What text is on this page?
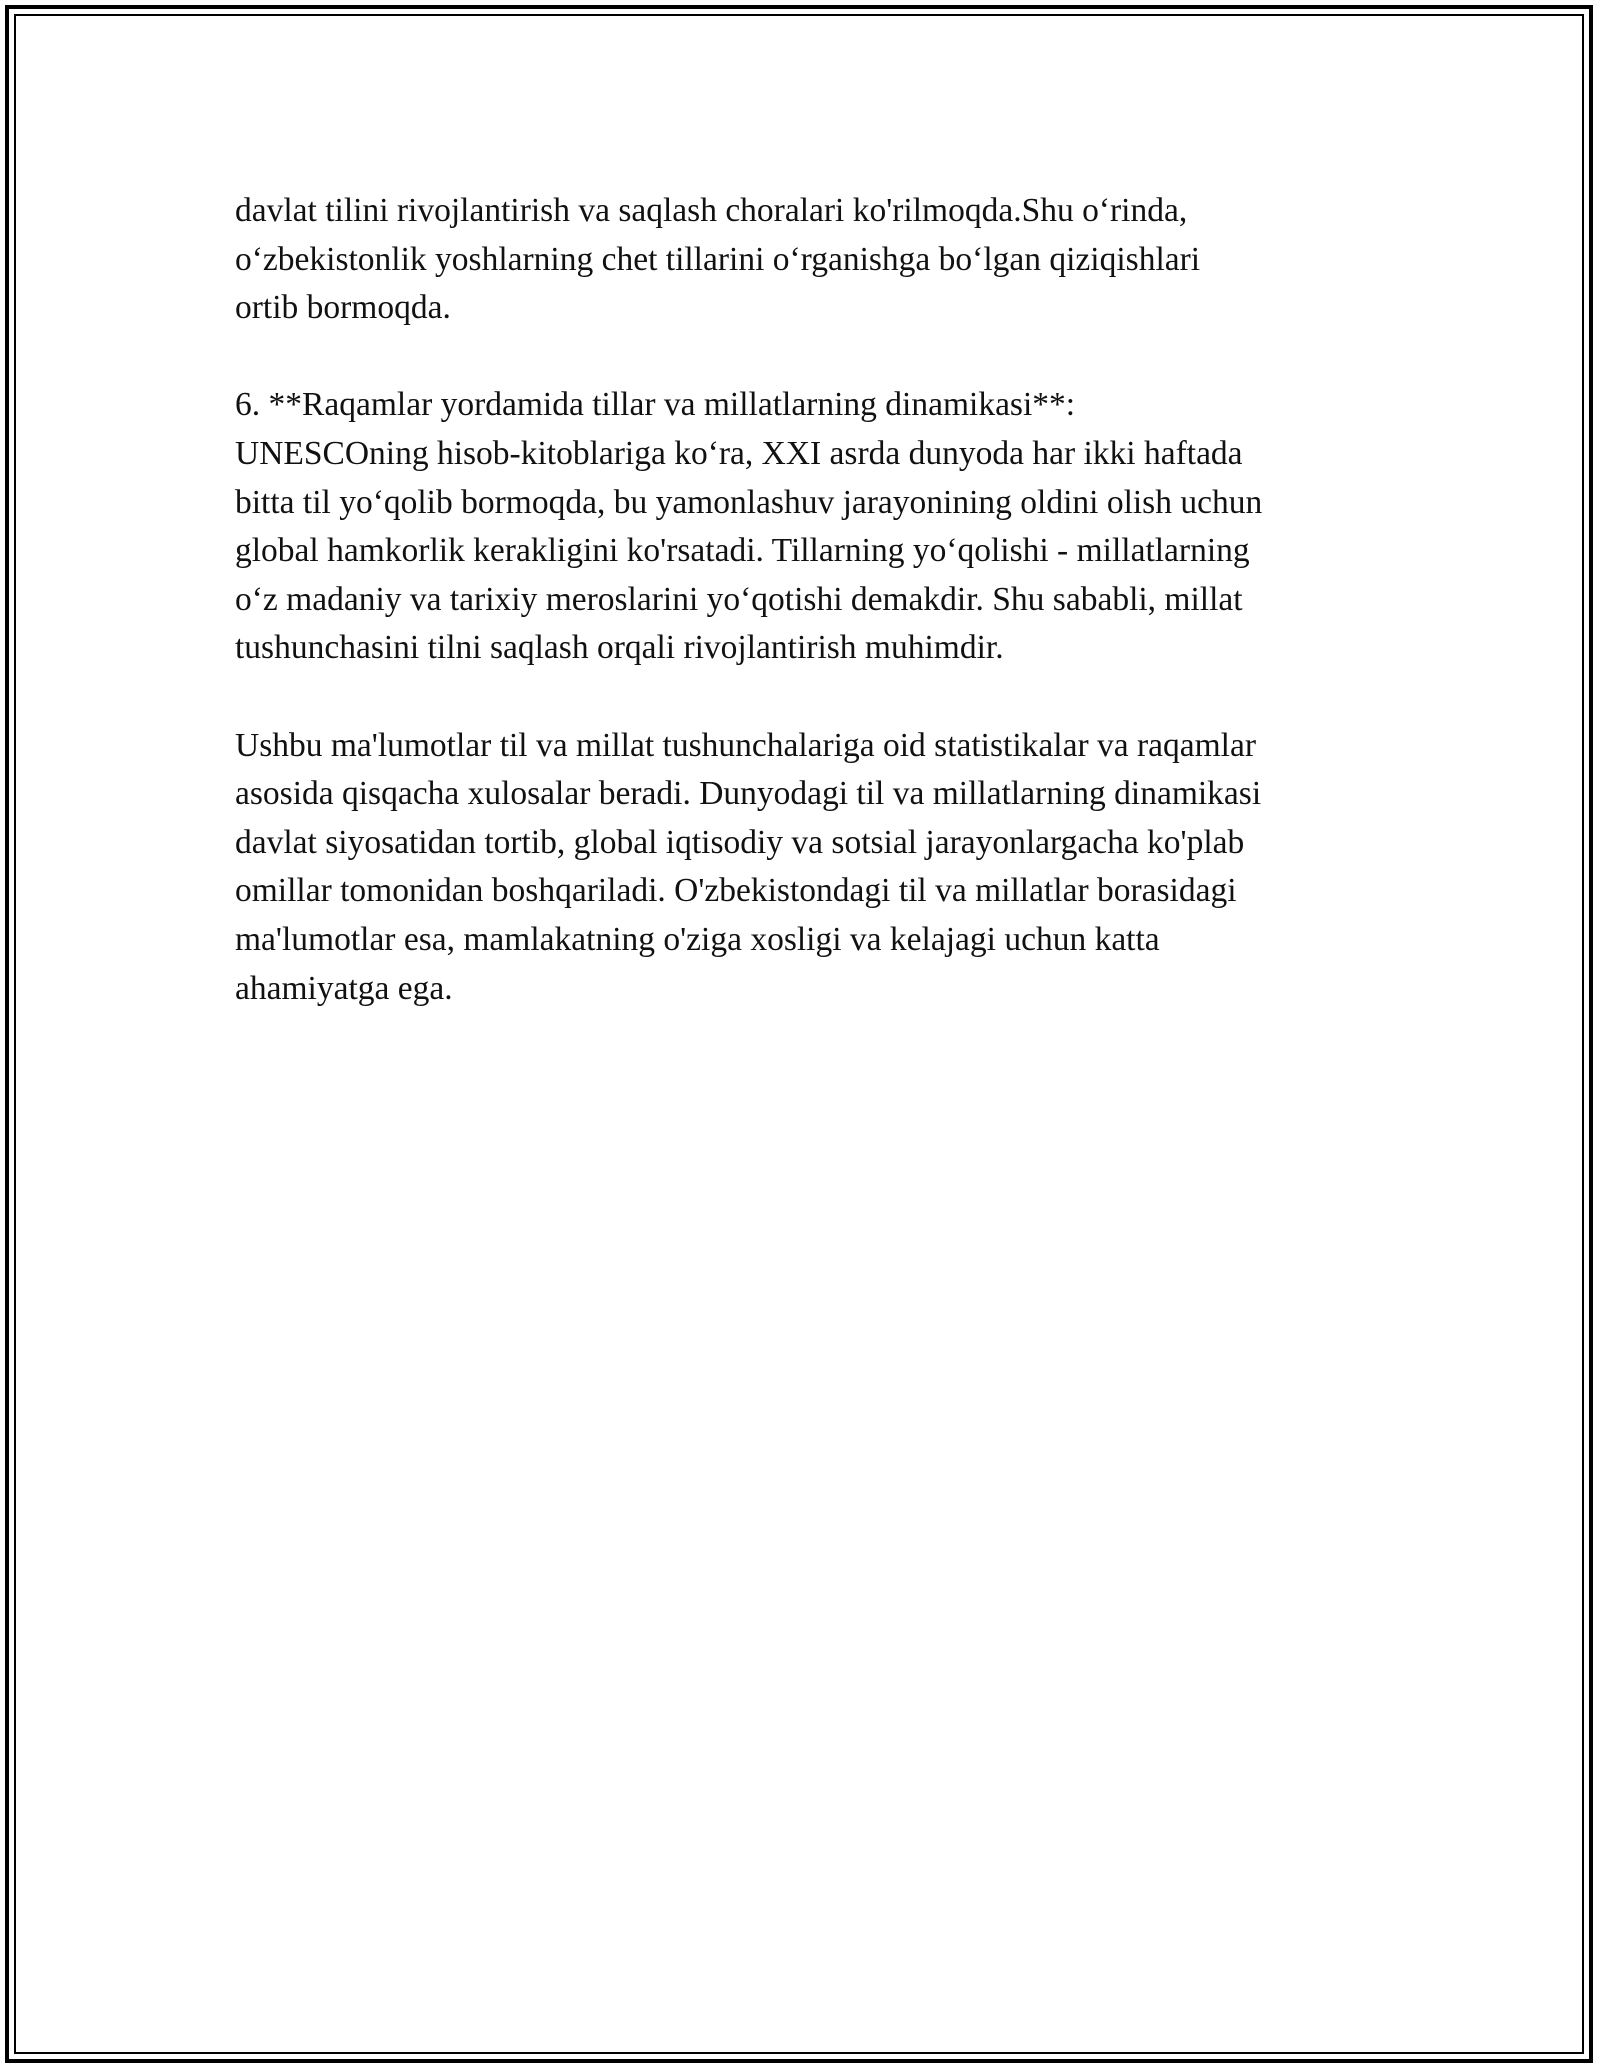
davlat tilini rivojlantirish va saqlash choralari ko'rilmoqda.Shu o‘rinda,
o‘zbekistonlik yoshlarning chet tillarini o‘rganishga bo‘lgan qiziqishlari
ortib bormoqda.
6. **Raqamlar yordamida tillar va millatlarning dinamikasi**:
UNESCOning hisob-kitoblariga ko‘ra, XXI asrda dunyoda har ikki haftada
bitta til yo‘qolib bormoqda, bu yamonlashuv jarayonining oldini olish uchun
global hamkorlik kerakligini ko'rsatadi. Tillarning yo‘qolishi - millatlarning
o‘z madaniy va tarixiy meroslarini yo‘qotishi demakdir. Shu sababli, millat
tushunchasini tilni saqlash orqali rivojlantirish muhimdir.
Ushbu ma'lumotlar til va millat tushunchalariga oid statistikalar va raqamlar
asosida qisqacha xulosalar beradi. Dunyodagi til va millatlarning dinamikasi
davlat siyosatidan tortib, global iqtisodiy va sotsial jarayonlargacha ko'plab
omillar tomonidan boshqariladi. O'zbekistondagi til va millatlar borasidagi
ma'lumotlar esa, mamlakatning o'ziga xosligi va kelajagi uchun katta
ahamiyatga ega.
